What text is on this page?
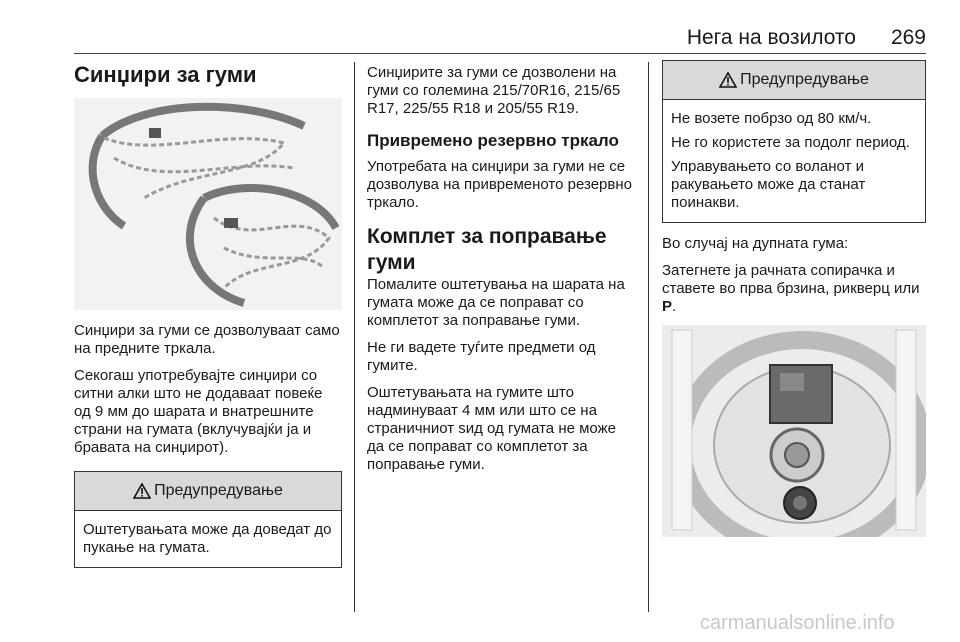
Нега на возилото 269
Синџири за гуми

Синџири за гуми се дозволуваат само на предните тркала.

Секогаш употребувајте синџири со ситни алки што не додаваат повеќе од 9 мм до шарата и внатрешните страни на гумата (вклучувајќи ја и бравата на синџирот).

Предупредување

Оштетувањата може да доведат до пукање на гумата.

Синџирите за гуми се дозволени на гуми со големина 215/70R16, 215/65 R17, 225/55 R18 и 205/55 R19.

Привремено резервно тркало

Употребата на синџири за гуми не се дозволува на привременото резервно тркало.

Комплет за поправање гуми

Помалите оштетувања на шарата на гумата може да се поправат со комплетот за поправање гуми.

Не ги вадете туѓите предмети од гумите.

Оштетувањата на гумите што надминуваат 4 мм или што се на страничниот ѕид од гумата не може да се поправат со комплетот за поправање гуми.

Предупредување

Не возете побрзо од 80 км/ч.

Не го користете за подолг период.

Управувањето со воланот и ракувањето може да станат поинакви.

Во случај на дупната гума:

Затегнете ја рачната сопирачка и ставете во прва брзина, рикверц или P.

carmanualsonline.info
